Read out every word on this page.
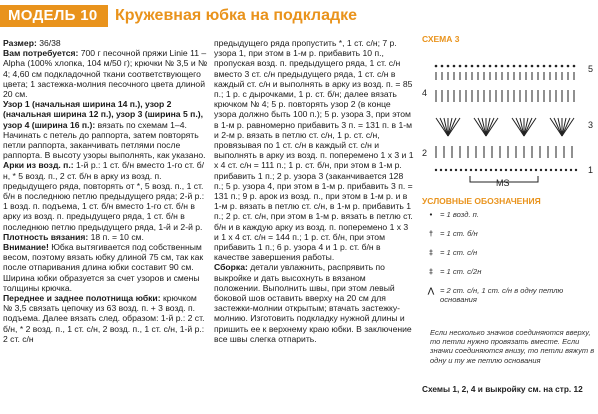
МОДЕЛЬ 10	Кружевная юбка на подкладке

Размер: 36/38

Вам потребуется: 700 г песочной пряжи Linie 11 – Alpha (100% хлопка, 104 м/50 г); крючки № 3,5 и № 4; 4,60 см подкладочной ткани соответствующего цвета; 1 застежка-молния песочного цвета длиной 20 см.

Узор 1 (начальная ширина 14 п.), узор 2 (начальная ширина 12 п.), узор 3 (ширина 5 п.), узор 4 (ширина 16 п.): вязать по схемам 1–4. Начинать с петель до раппорта, затем повторять петли раппорта, заканчивать петлями после раппорта. В высоту узоры выполнять, как указано.

Арки из возд. п.: 1-й р.: 1 ст. б/н вместо 1-го ст. б/н, * 5 возд. п., 2 ст. б/н в арку из возд. п. предыдущего ряда, повторять от *, 5 возд. п., 1 ст. б/н в последнюю петлю предыдущего ряда; 2-й р.: 1 возд. п. подъема, 1 ст. б/н вместо 1-го ст. б/н в арку из возд. п. предыдущего ряда, 1 ст. б/н в последнюю петлю предыдущего ряда, 1-й и 2-й р.

Плотность вязания: 18 п. = 10 см.

Внимание! Юбка вытягивается под собственным весом, поэтому вязать юбку длиной 75 см, так как после отпаривания длина юбки составит 90 см. Ширина юбки образуется за счет узоров и смены толщины крючка.

Переднее и заднее полотнища юбки: крючком № 3,5 связать цепочку из 63 возд. п. + 3 возд. п. подъема. Далее вязать след. образом: 1-й р.: 2 ст. б/н, * 2 возд. п., 1 ст. с/н, 2 возд. п., 1 ст. с/н, 1-й р.: 2 ст. с/н

предыдущего ряда пропустить *, 1 ст. с/н; 7 р. узора 1, при этом в 1-м р. прибавить 10 п., пропуская возд. п. предыдущего ряда, 1 ст. с/н вместо 3 ст. с/н предыдущего ряда, 1 ст. с/н в каждый ст. с/н и выполнять в арку из возд. п. = 85 п.; 1 р. с дырочками, 1 р. ст. б/н; далее вязать крючком № 4; 5 р. повторять узор 2 (в конце узора должно быть 100 п.); 5 р. узора 3, при этом в 1-м р. равномерно прибавить 3 п. = 131 п. в 1-м и 2-м р. вязать в петлю ст. с/н, 1 р. ст. с/н, провязывая по 1 ст. с/н в каждый ст. с/н и выполнять в арку из возд. п. поперемено 1 х 3 и 1 х 4 ст. с/н = 111 п.; 1 р. ст. б/н, при этом в 1-м р. прибавить 1 п.; 2 р. узора 3 (заканчивается 128 п.; 5 р. узора 4, при этом в 1-м р. прибавить 3 п. = 131 п.; 9 р. арок из возд. п., при этом в 1-м р. и в 1-м р. вязать в петлю ст. с/н, в 1-м р. прибавить 1 п.; 2 р. ст. с/н, при этом в 1-м р. вязать в петлю ст. б/н и в каждую арку из возд. п. поперемено 1 х 3 и 1 х 4 ст. с/н = 144 п.; 1 р. ст. б/н, при этом прибавить 1 п.; 6 р. узора 4 и 1 р. ст. б/н в качестве завершения работы.

Сборка: детали увлажнить, распрявить по выкройке и дать высохнуть в вязаном положении. Выполнить швы, при этом левый боковой шов оставить вверху на 20 см для застежки-молнии открытым; втачать застежку-молнию. Изготовить подкладку нужной длины и пришить ее к верхнему краю юбки. В заключение все швы слегка отпарить.

СХЕМА 3
5
4
3
2
1
MS
УСЛОВНЫЕ ОБОЗНАЧЕНИЯ
• = 1 возд. п.
† = 1 ст. б/н
‡ = 1 ст. с/н
‡ = 1 ст. с/2н
⋀ = 2 ст. с/н, 1 ст. с/н в одну петлю основания
Если несколько значков соединяются вверху, то петли нужно провязать вместе. Если значки соединяются внизу, то петли вяжут в одну и ту же петлю основания
Схемы 1, 2, 4 и выкройку см. на стр. 12
